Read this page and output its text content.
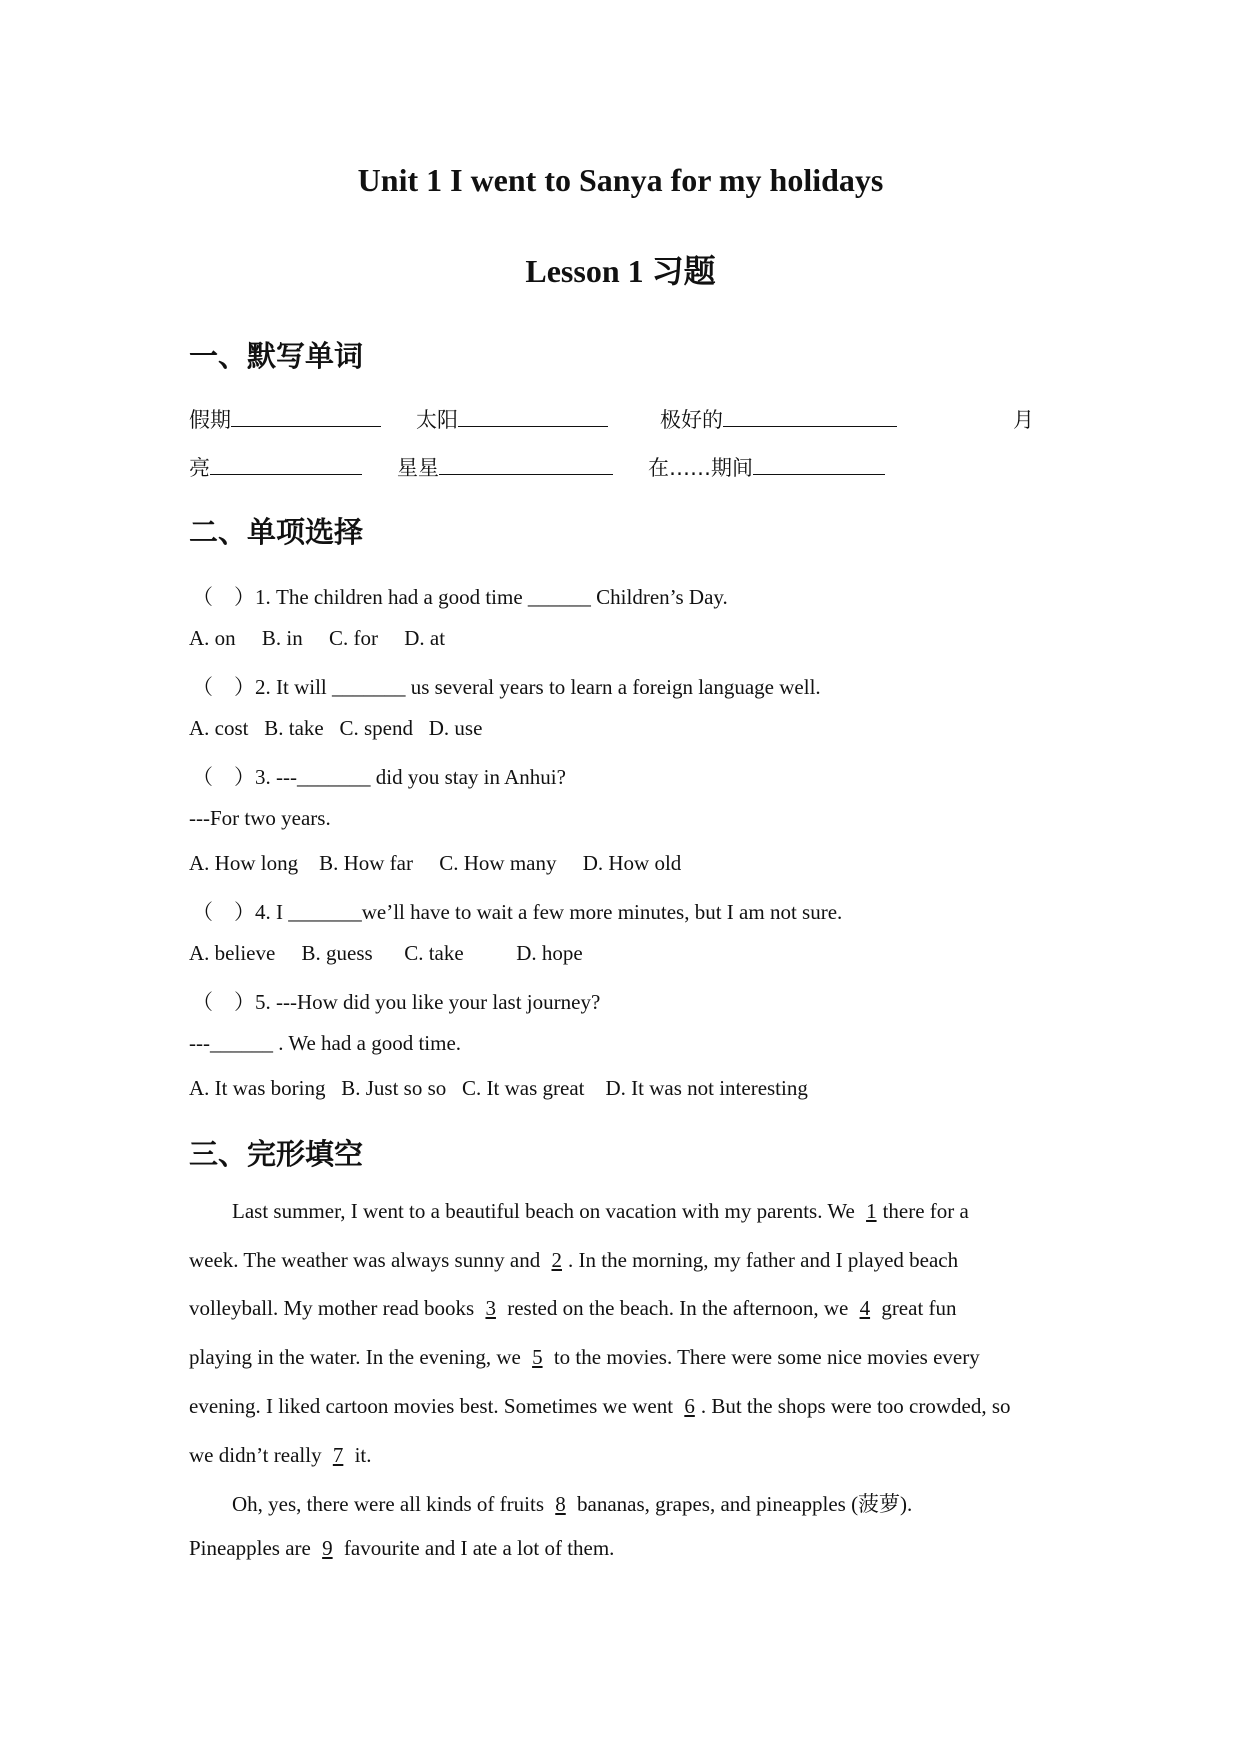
Unit 1 I went to Sanya for my holidays
Lesson 1 习题
一、默写单词
假期	太阳	极好的	月
亮	星星	在……期间
二、单项选择
（　）1. The children had a good time ______ Children’s Day.
A. on     B. in     C. for     D. at
（　）2. It will _______ us several years to learn a foreign language well.
A. cost   B. take   C. spend   D. use
（　）3. ---_______ did you stay in Anhui?
---For two years.
A. How long    B. How far     C. How many     D. How old
（　）4. I _______we’ll have to wait a few more minutes, but I am not sure.
A. believe     B. guess      C. take          D. hope
（　）5. ---How did you like your last journey?
---______ . We had a good time.
A. It was boring   B. Just so so   C. It was great    D. It was not interesting
三、完形填空
Last summer, I went to a beautiful beach on vacation with my parents. We 1 there for a
week. The weather was always sunny and 2 . In the morning, my father and I played beach
volleyball. My mother read books 3 rested on the beach. In the afternoon, we 4 great fun
playing in the water. In the evening, we 5 to the movies. There were some nice movies every
evening. I liked cartoon movies best. Sometimes we went 6 . But the shops were too crowded, so
we didn’t really 7 it.
Oh, yes, there were all kinds of fruits 8 bananas, grapes, and pineapples (菠萝).
Pineapples are 9 favourite and I ate a lot of them.
